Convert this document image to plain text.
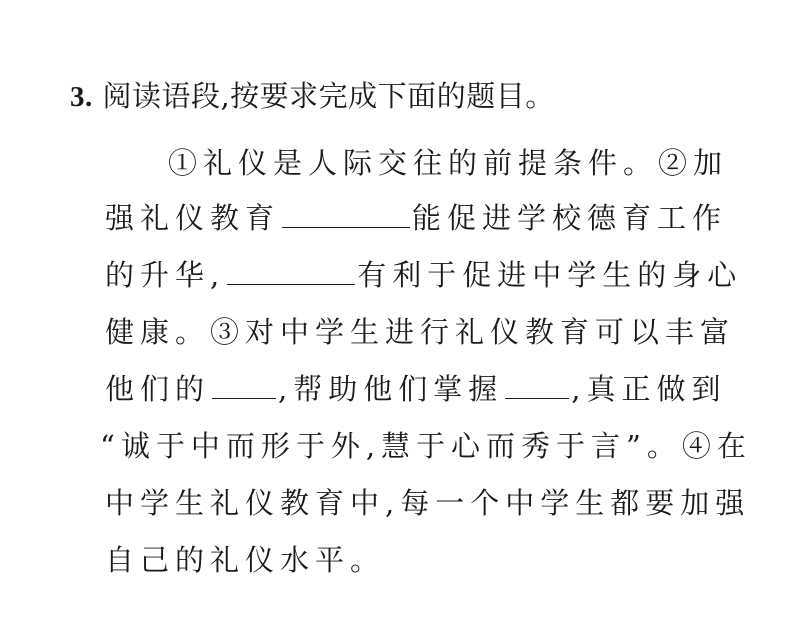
3. 阅读语段,按要求完成下面的题目。
①礼仪是人际交往的前提条件。②加
强礼仪教育	能促进学校德育工作
的升华,	有利于促进中学生的身心
健康。③对中学生进行礼仪教育可以丰富
他们的 ,帮助他们掌握 ,真正做到
“诚于中而形于外,慧于心而秀于言”。④在
中学生礼仪教育中,每一个中学生都要加强
自己的礼仪水平。
